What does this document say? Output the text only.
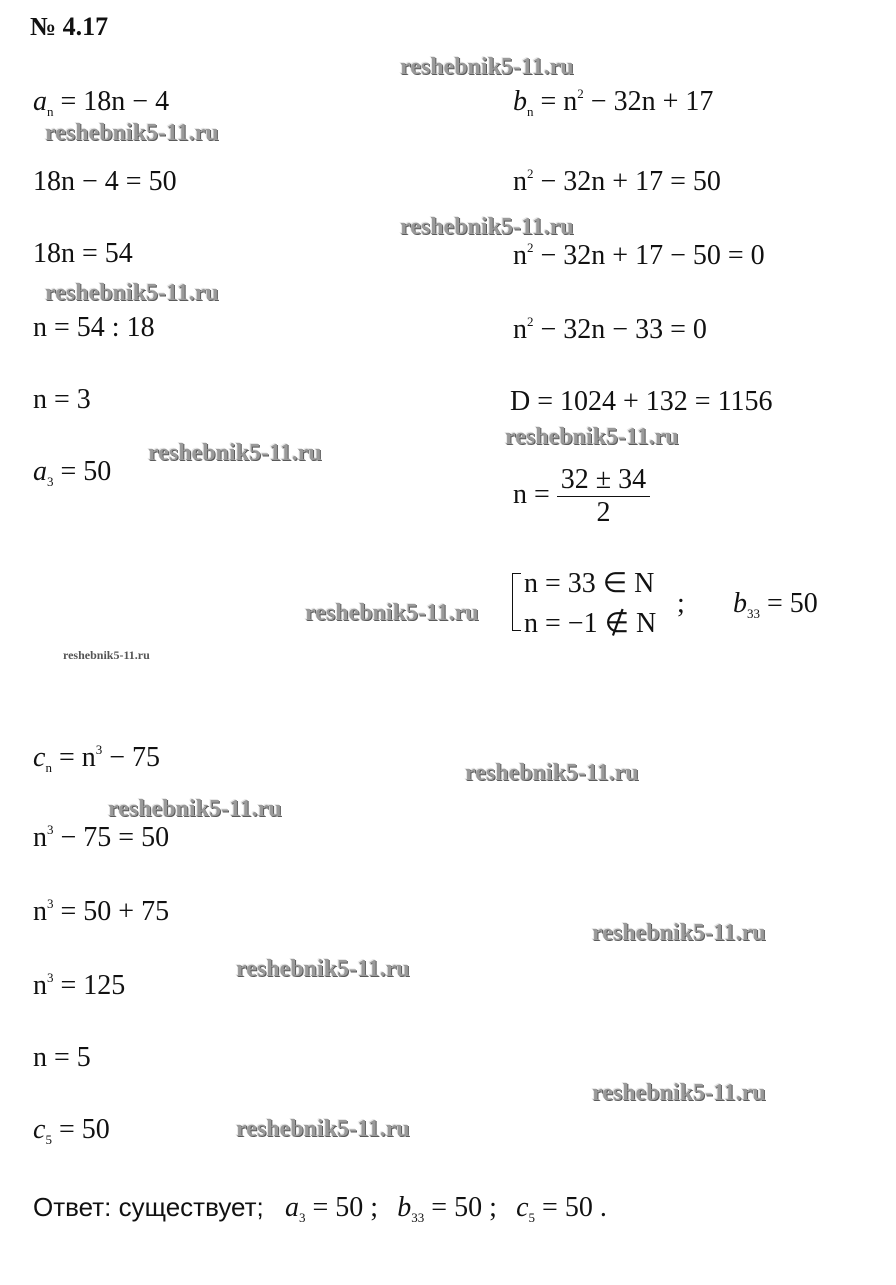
№ 4.17
reshebnik5-11.ru
reshebnik5-11.ru
reshebnik5-11.ru
reshebnik5-11.ru
reshebnik5-11.ru
reshebnik5-11.ru
reshebnik5-11.ru
reshebnik5-11.ru
reshebnik5-11.ru
reshebnik5-11.ru
reshebnik5-11.ru
reshebnik5-11.ru
reshebnik5-11.ru
reshebnik5-11.ru
$a_n = 18n - 4$
18n − 4 = 50
18n = 54
n = 54 : 18
n = 3
$a_3 = 50$
$b_n = n^2 - 32n + 17$
$n^2 - 32n + 17 = 50$
$n^2 - 32n + 17 - 50 = 0$
$n^2 - 32n - 33 = 0$
D = 1024 + 132 = 1156
$n = \frac{32 \pm 34}{2}$
n = 33 ∈ N
n = −1 ∉ N
; $b_{33} = 50$
$c_n = n^3 - 75$
$n^3 - 75 = 50$
$n^3 = 50 + 75$
$n^3 = 125$
n = 5
$c_5 = 50$
Ответ: существует; $a_3 = 50$ ; $b_{33} = 50$ ; $c_5 = 50$ .
